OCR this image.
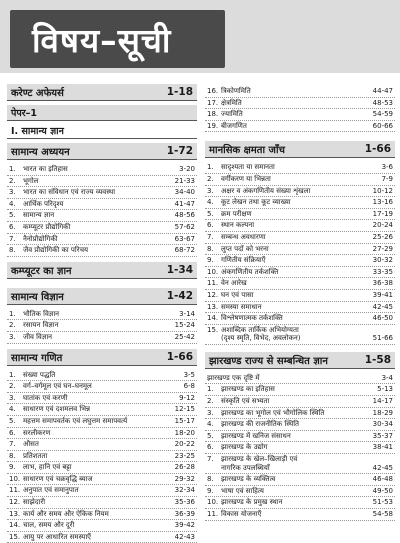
विषय–सूची
करेण्ट अफेयर्स	1-18
पेपर–1
I. सामान्य ज्ञान
सामान्य अध्ययन	1-72
1.	भारत का इतिहास	3-20
2.	भूगोल	21-33
3.	भारत का संविधान एवं राज्य व्यवस्था	34-40
4.	आर्थिक परिदृश्य	41-47
5.	सामान्य ज्ञान	48-56
6.	कम्प्यूटर प्रौद्योगिकी	57-62
7.	नैनोप्रौद्योगिकी	63-67
8.	जैव प्रौद्योगिकी का परिचय	68-72
कम्प्यूटर का ज्ञान	1-34
सामान्य विज्ञान	1-42
1.	भौतिक विज्ञान	3-14
2.	रसायन विज्ञान	15-24
3.	जीव विज्ञान	25-42
सामान्य गणित	1-66
1.	संख्या पद्धति	3-5
2.	वर्ग–वर्गमूल एवं घन–घनमूल	6-8
3.	घातांक एवं करणी	9-12
4.	साधारण एवं दशमलव भिन्न	12-15
5.	महत्तम समापवर्तक एवं लघुत्तम समापवर्त्य	15-17
6.	सरलीकरण	18-20
7.	औसत	20-22
8.	प्रतिशतता	23-25
9.	लाभ, हानि एवं बट्टा	26-28
10. साधारण एवं चक्रवृद्धि ब्याज	29-32
11. अनुपात एवं समानुपात	32-34
12. साझेदारी	35-36
13. कार्य और समय और ऐकिक नियम	36-39
14. चाल, समय और दूरी	39-42
15. आयु पर आधारित समस्याएँ	42-43
16. त्रिकोणमिति	44-47
17. क्षेत्रमिति	48-53
18. ज्यामिति	54-59
19. बीजगणित	60-66
मानसिक क्षमता जाँच	1-66
1.	सादृश्यता या समानता	3-6
2.	वर्गीकरण या भिन्नता	7-9
3.	अक्षर व अंकगणितीय संख्या शृंखला	10-12
4.	कूट लेखन तथा कूट व्याख्या	13-16
5.	क्रम परीक्षण	17-19
6.	स्थान कल्पना	20-24
7.	सम्बन्ध अवधारणा	25-26
8.	लुप्त पदों को भरना	27-29
9.	गणितीय संक्रियाएँ	30-32
10. अंकगणितीय तर्कशक्ति	33-35
11. वेन आरेख	36-38
12. घन एवं पासा	39-41
13. समस्या समाधान	42-45
14. विश्लेषणात्मक तर्कशक्ति	46-50
15. अशाब्दिक तार्किक अभियोग्यता
(दृश्य स्मृति, विभेद, अवलोकन)	51-66
झारखण्ड राज्य से सम्बन्धित ज्ञान	1-58
झारखण्ड एक दृष्टि में	3-4
1.	झारखण्ड का इतिहास	5-13
2.	संस्कृति एवं सभ्यता	14-17
3.	झारखण्ड का भूगोल एवं भौगोलिक स्थिति	18-29
4.	झारखण्ड की राजनीतिक स्थिति	30-34
5.	झारखण्ड में खनिज संसाधन	35-37
6.	झारखण्ड के उद्योग	38-41
7.	झारखण्ड के खेल–खिलाड़ी एवं
नागरिक उपलब्धियाँ	42-45
8.	झारखण्ड के व्यक्तित्व	46-48
9.	भाषा एवं साहित्य	49-50
10. झारखण्ड के प्रमुख स्थान	51-53
11. विकास योजनाएँ	54-58
